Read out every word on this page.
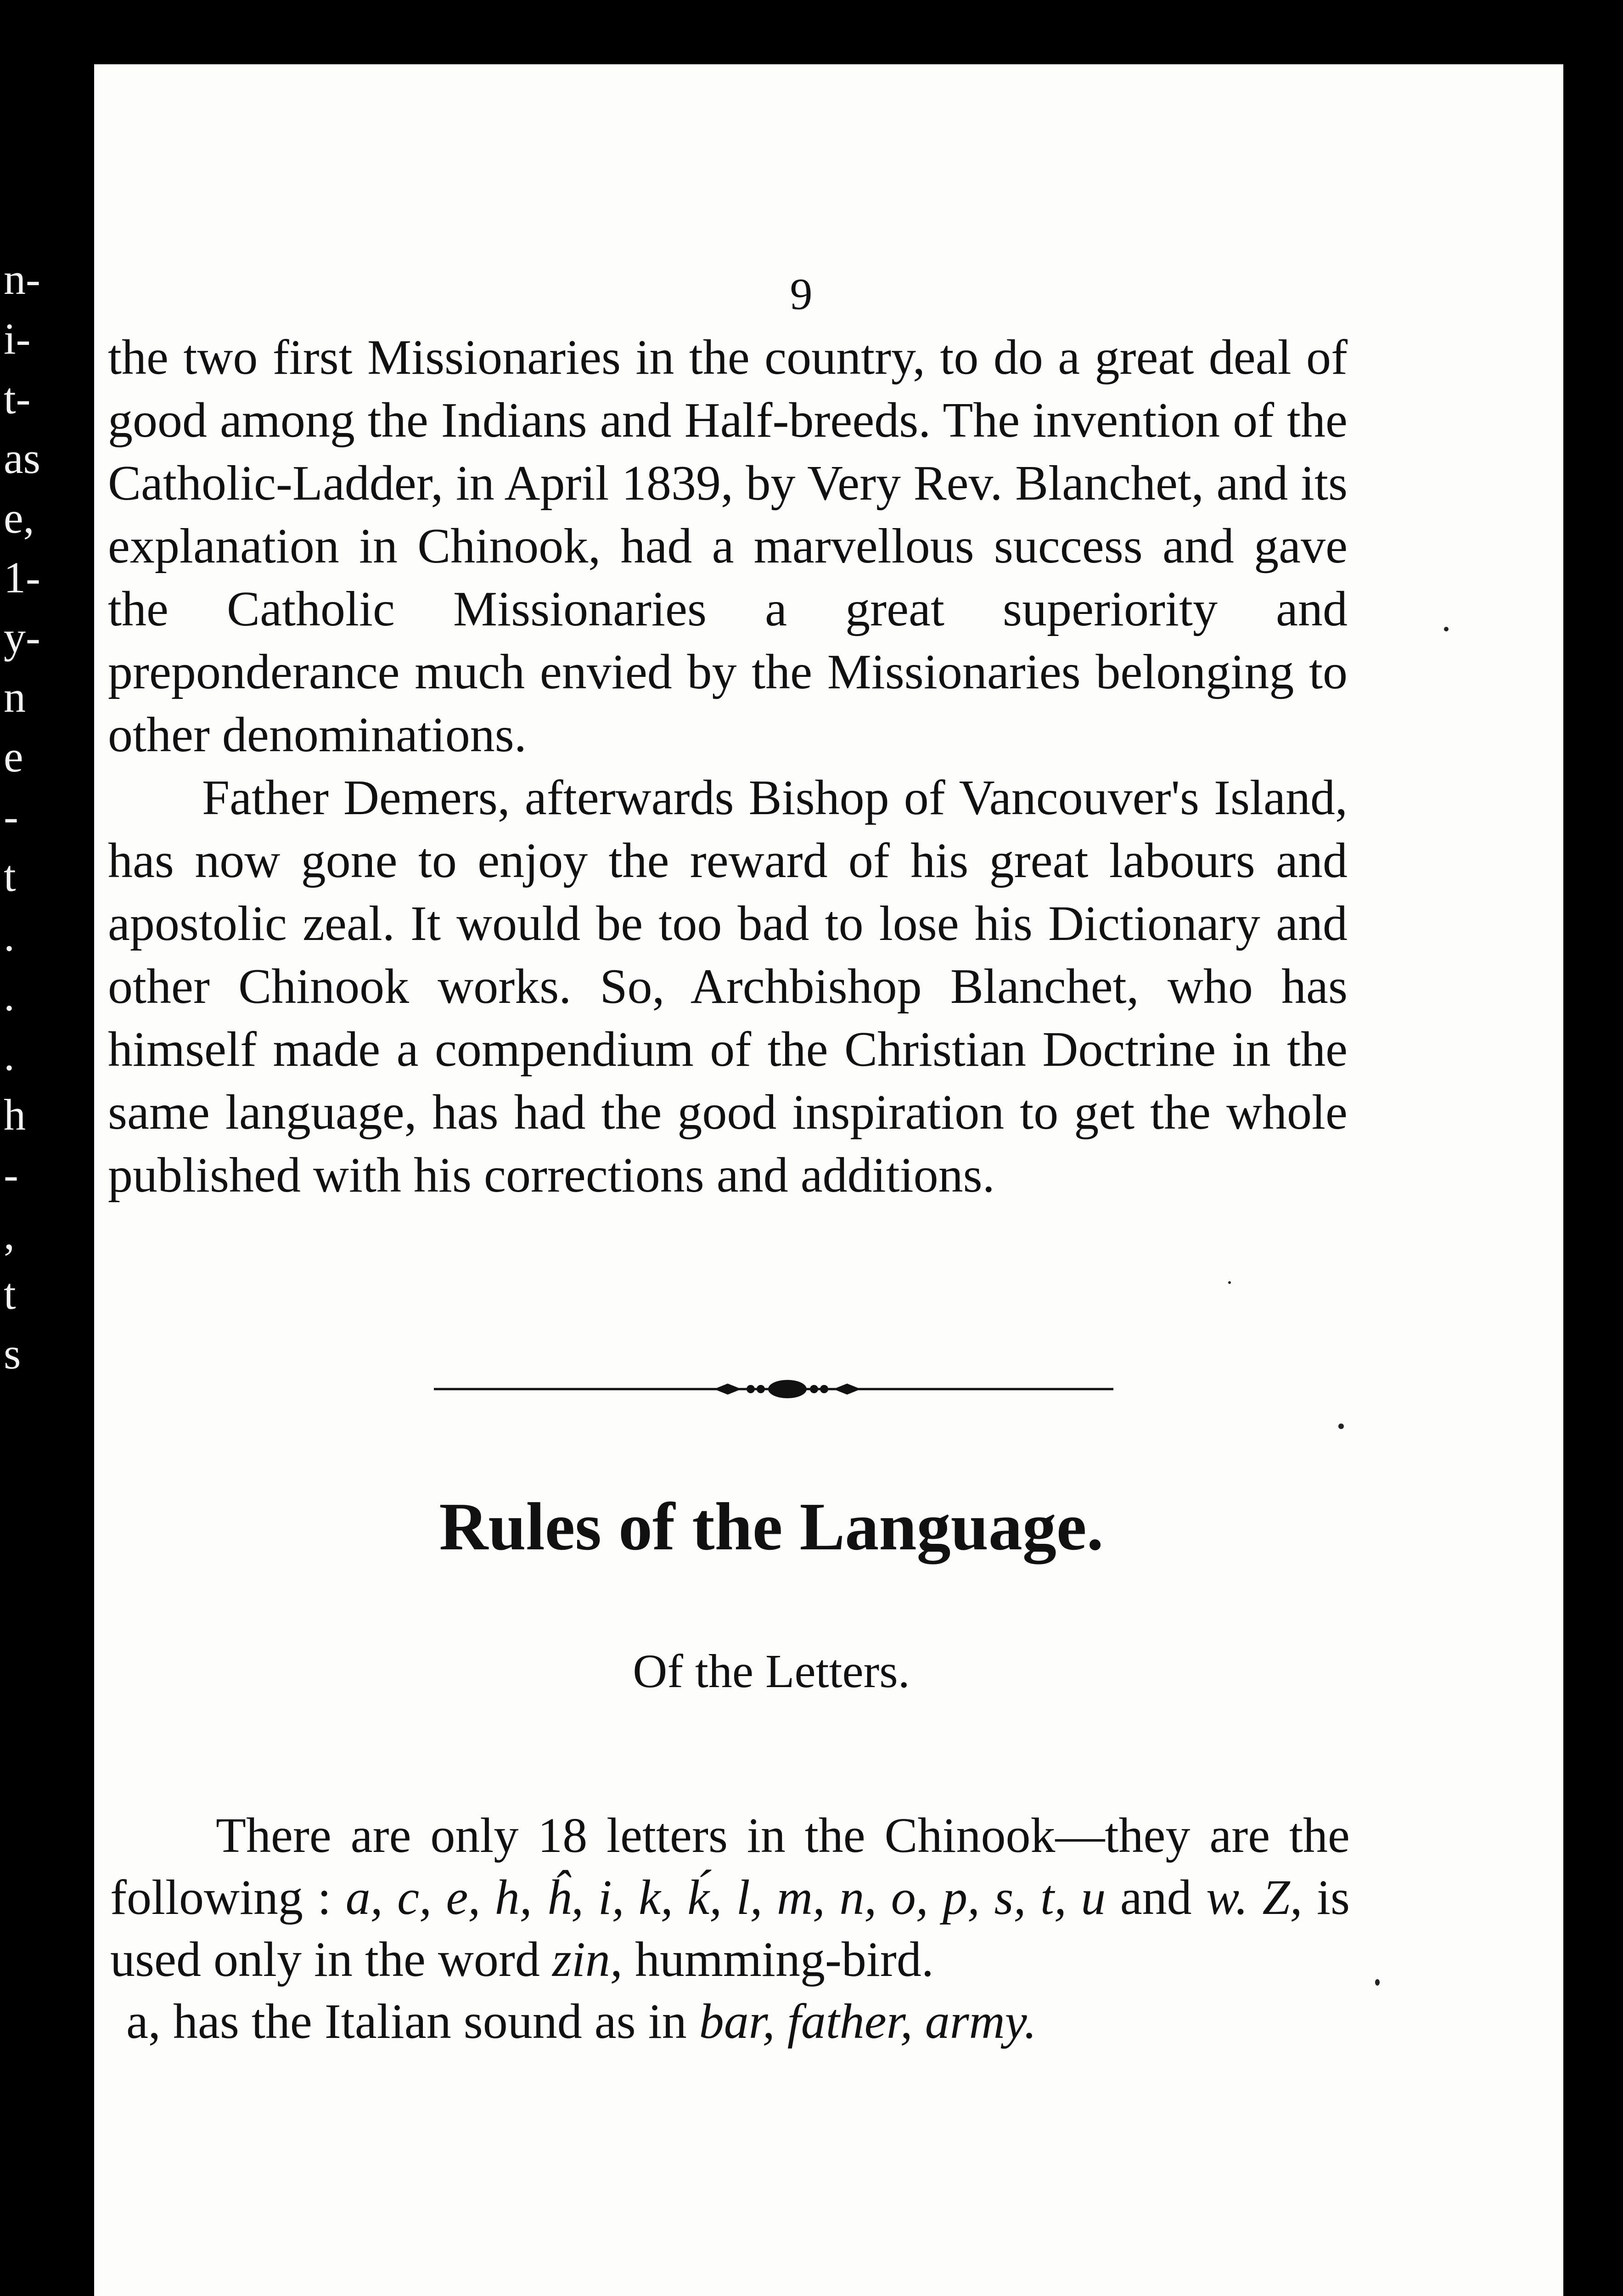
n-
i-
t-
as
e,
1-
y-
n
e
-
t
.
.
.
h
-
,
t
s
9

the two first Missionaries in the country, to do a great deal of good among the Indians and Half-breeds. The invention of the Catholic-Ladder, in April 1839, by Very Rev. Blanchet, and its explanation in Chinook, had a marvellous success and gave the Catholic Missionaries a great superiority and preponderance much envied by the Missionaries belonging to other denominations.

Father Demers, afterwards Bishop of Vancouver's Island, has now gone to enjoy the reward of his great labours and apostolic zeal. It would be too bad to lose his Dictionary and other Chinook works. So, Archbishop Blanchet, who has himself made a compendium of the Christian Doctrine in the same language, has had the good inspiration to get the whole published with his corrections and additions.

Rules of the Language.
Of the Letters.

There are only 18 letters in the Chinook—they are the following : a, c, e, h, ĥ, i, k, ḱ, l, m, n, o, p, s, t, u and w. Z, is used only in the word zin, humming-bird.

a, has the Italian sound as in bar, father, army.
